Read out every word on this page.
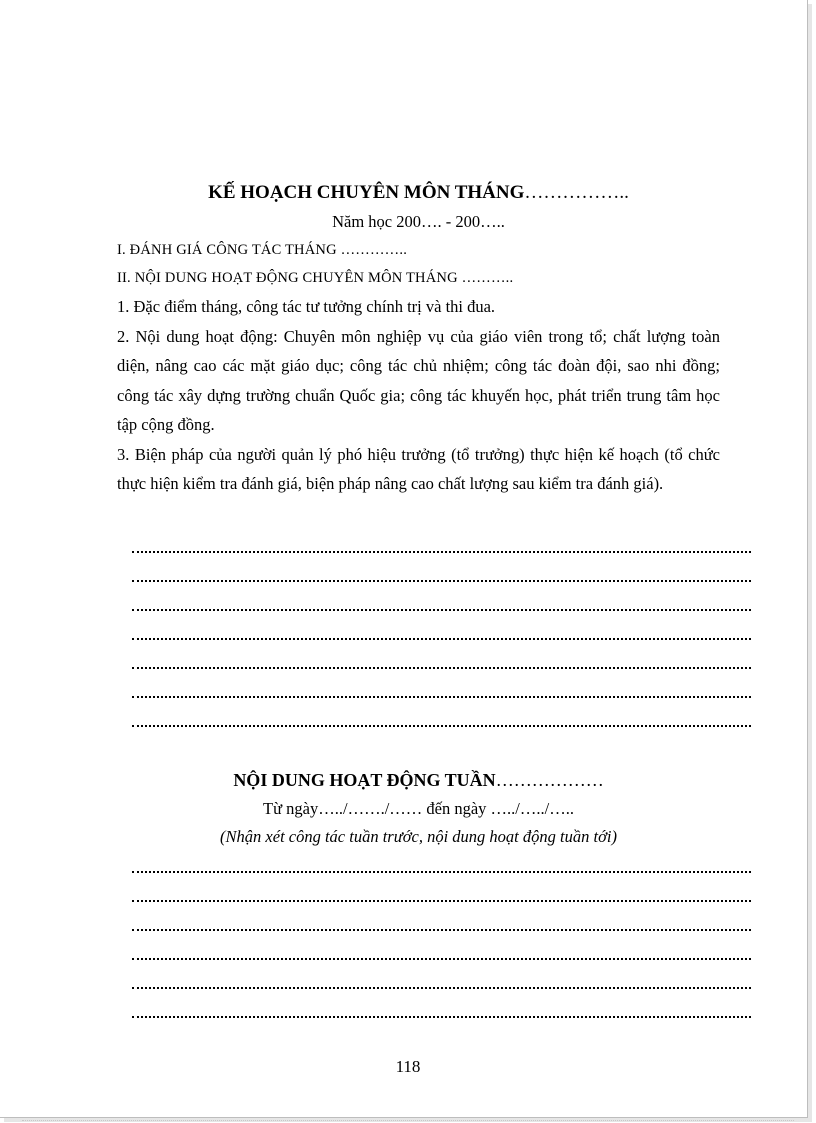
KẾ HOẠCH CHUYÊN MÔN THÁNG……………..

Năm học 200…. - 200…..

I. ĐÁNH GIÁ CÔNG TÁC THÁNG …………..

II. NỘI DUNG HOẠT ĐỘNG CHUYÊN MÔN THÁNG ………..

1. Đặc điểm tháng, công tác tư tưởng chính trị và thi đua.

2. Nội dung hoạt động: Chuyên môn nghiệp vụ của giáo viên trong tổ; chất lượng toàn diện, nâng cao các mặt giáo dục; công tác chủ nhiệm; công tác đoàn đội, sao nhi đồng; công tác xây dựng trường chuẩn Quốc gia; công tác khuyến học, phát triển trung tâm học tập cộng đồng.

3. Biện pháp của người quản lý phó hiệu trưởng (tổ trưởng) thực hiện kế hoạch (tổ chức thực hiện kiểm tra đánh giá, biện pháp nâng cao chất lượng sau kiểm tra đánh giá).

NỘI DUNG HOẠT ĐỘNG TUẦN………………

Từ ngày…../……./…… đến ngày …../…../…..

(Nhận xét công tác tuần trước, nội dung hoạt động tuần tới)

118
